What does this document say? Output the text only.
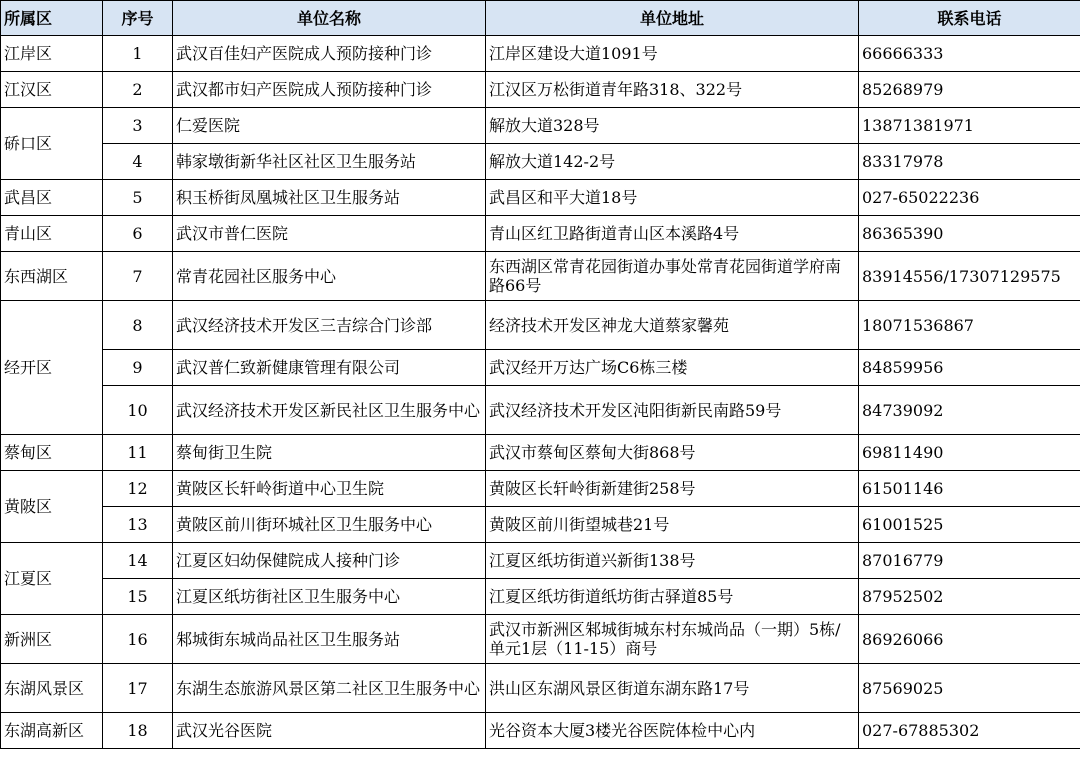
所属区	序号	单位名称	单位地址	联系电话
江岸区	1	武汉百佳妇产医院成人预防接种门诊	江岸区建设大道1091号	66666333
江汉区	2	武汉都市妇产医院成人预防接种门诊	江汉区万松街道青年路318、322号	85268979
硚口区	3	仁爱医院	解放大道328号	13871381971
	4	韩家墩街新华社区社区卫生服务站	解放大道142-2号	83317978
武昌区	5	积玉桥街凤凰城社区卫生服务站	武昌区和平大道18号	027-65022236
青山区	6	武汉市普仁医院	青山区红卫路街道青山区本溪路4号	86365390
东西湖区	7	常青花园社区服务中心	东西湖区常青花园街道办事处常青花园街道学府南路66号	83914556/17307129575
经开区	8	武汉经济技术开发区三吉综合门诊部	经济技术开发区神龙大道蔡家馨苑	18071536867
	9	武汉普仁致新健康管理有限公司	武汉经开万达广场C6栋三楼	84859956
	10	武汉经济技术开发区新民社区卫生服务中心	武汉经济技术开发区沌阳街新民南路59号	84739092
蔡甸区	11	蔡甸街卫生院	武汉市蔡甸区蔡甸大街868号	69811490
黄陂区	12	黄陂区长轩岭街道中心卫生院	黄陂区长轩岭街新建街258号	61501146
	13	黄陂区前川街环城社区卫生服务中心	黄陂区前川街望城巷21号	61001525
江夏区	14	江夏区妇幼保健院成人接种门诊	江夏区纸坊街道兴新街138号	87016779
	15	江夏区纸坊街社区卫生服务中心	江夏区纸坊街道纸坊街古驿道85号	87952502
新洲区	16	邾城街东城尚品社区卫生服务站	武汉市新洲区邾城街城东村东城尚品（一期）5栋/单元1层（11-15）商号	86926066
东湖风景区	17	东湖生态旅游风景区第二社区卫生服务中心	洪山区东湖风景区街道东湖东路17号	87569025
东湖高新区	18	武汉光谷医院	光谷资本大厦3楼光谷医院体检中心内	027-67885302
